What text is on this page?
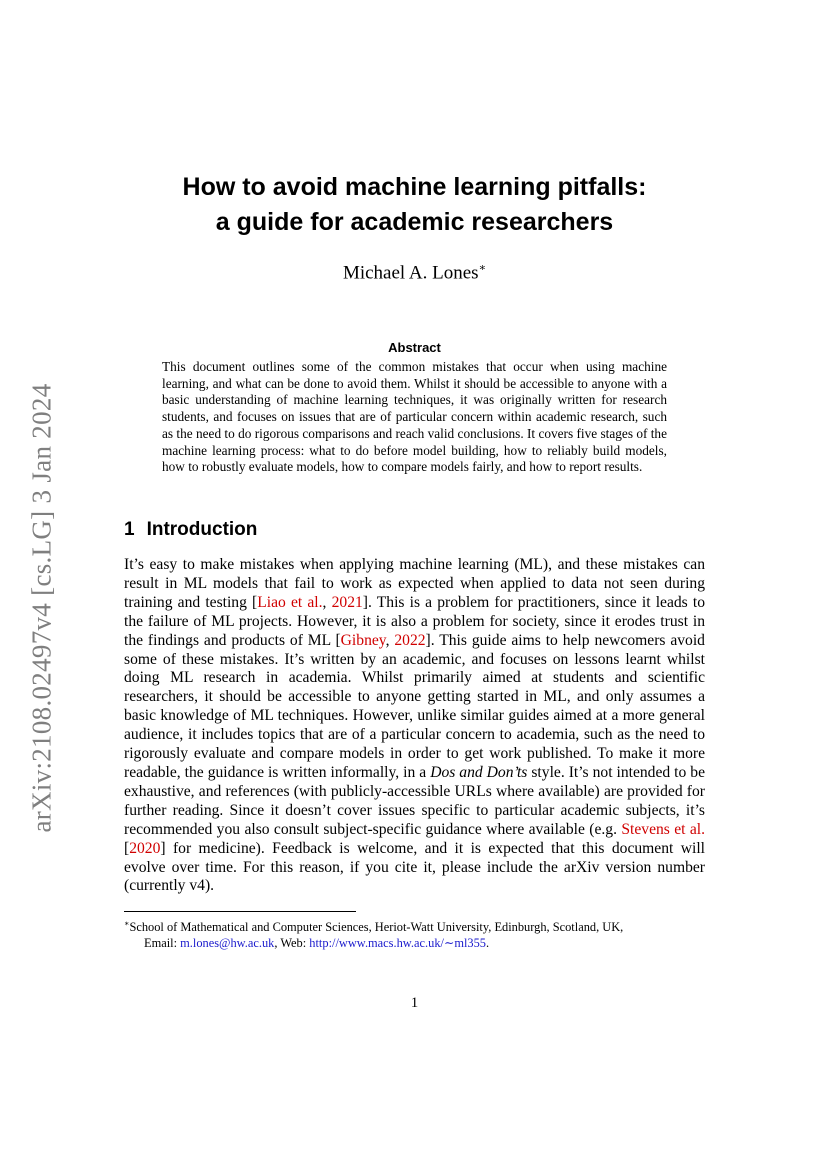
arXiv:2108.02497v4 [cs.LG] 3 Jan 2024
How to avoid machine learning pitfalls:
a guide for academic researchers
Michael A. Lones∗
Abstract
This document outlines some of the common mistakes that occur when using machine learning, and what can be done to avoid them. Whilst it should be accessible to anyone with a basic understanding of machine learning techniques, it was originally written for research students, and focuses on issues that are of particular concern within academic research, such as the need to do rigorous comparisons and reach valid conclusions. It covers five stages of the machine learning process: what to do before model building, how to reliably build models, how to robustly evaluate models, how to compare models fairly, and how to report results.
1 Introduction
It’s easy to make mistakes when applying machine learning (ML), and these mistakes can result in ML models that fail to work as expected when applied to data not seen during training and testing [Liao et al., 2021]. This is a problem for practitioners, since it leads to the failure of ML projects. However, it is also a problem for society, since it erodes trust in the findings and products of ML [Gibney, 2022]. This guide aims to help newcomers avoid some of these mistakes. It’s written by an academic, and focuses on lessons learnt whilst doing ML research in academia. Whilst primarily aimed at students and scientific researchers, it should be accessible to anyone getting started in ML, and only assumes a basic knowledge of ML techniques. However, unlike similar guides aimed at a more general audience, it includes topics that are of a particular concern to academia, such as the need to rigorously evaluate and compare models in order to get work published. To make it more readable, the guidance is written informally, in a Dos and Don’ts style. It’s not intended to be exhaustive, and references (with publicly-accessible URLs where available) are provided for further reading. Since it doesn’t cover issues specific to particular academic subjects, it’s recommended you also consult subject-specific guidance where available (e.g. Stevens et al. [2020] for medicine). Feedback is welcome, and it is expected that this document will evolve over time. For this reason, if you cite it, please include the arXiv version number (currently v4).
∗School of Mathematical and Computer Sciences, Heriot-Watt University, Edinburgh, Scotland, UK,
Email: m.lones@hw.ac.uk, Web: http://www.macs.hw.ac.uk/∼ml355.
1
